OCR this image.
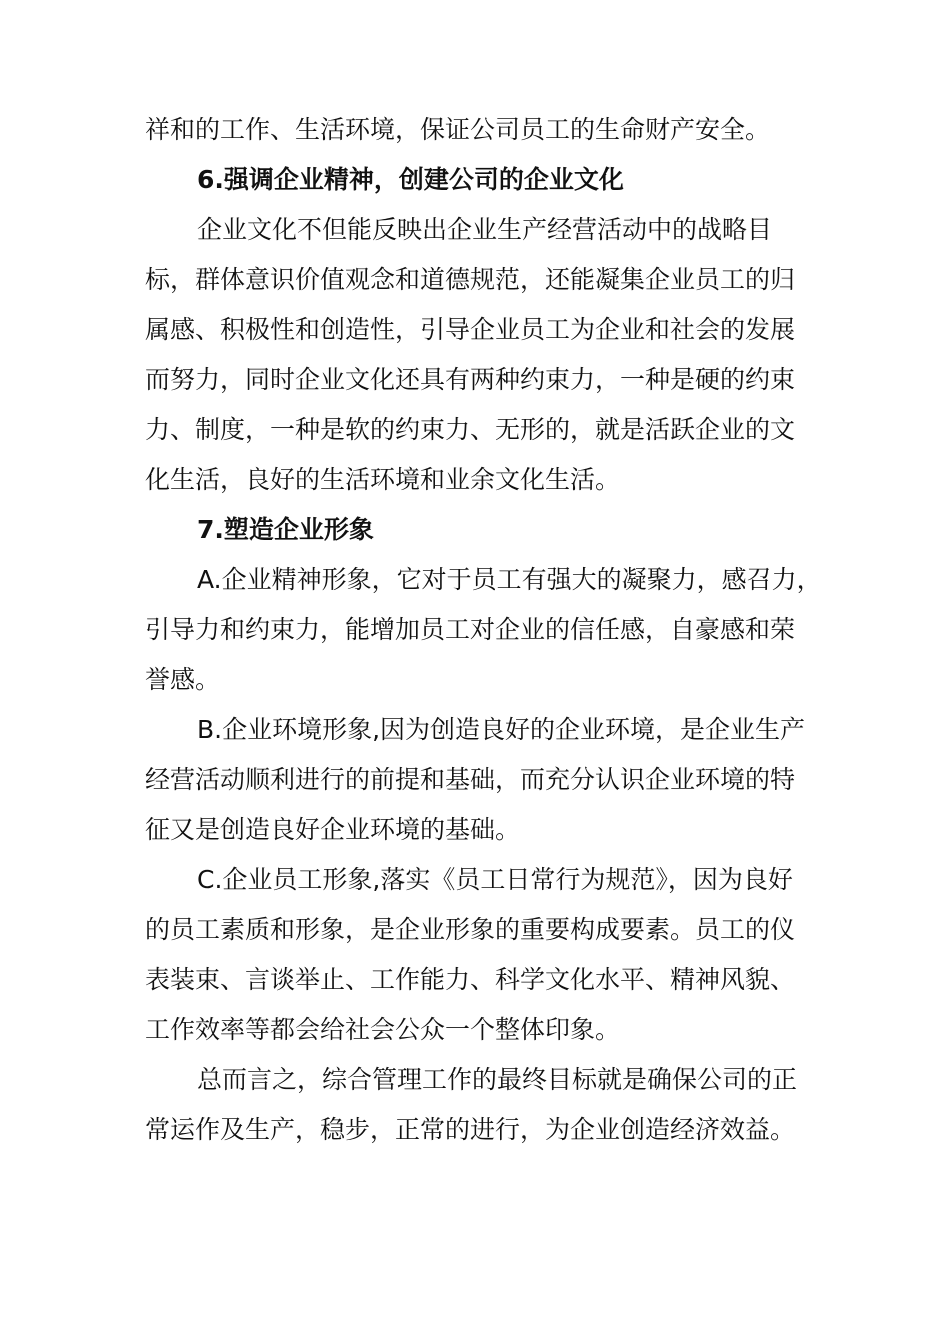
祥和的工作、生活环境，保证公司员工的生命财产安全。
6.强调企业精神，创建公司的企业文化
企业文化不但能反映出企业生产经营活动中的战略目
标，群体意识价值观念和道德规范，还能凝集企业员工的归
属感、积极性和创造性，引导企业员工为企业和社会的发展
而努力，同时企业文化还具有两种约束力，一种是硬的约束
力、制度，一种是软的约束力、无形的，就是活跃企业的文
化生活，良好的生活环境和业余文化生活。
7.塑造企业形象
A.企业精神形象，它对于员工有强大的凝聚力，感召力，
引导力和约束力，能增加员工对企业的信任感，自豪感和荣
誉感。
B.企业环境形象,因为创造良好的企业环境，是企业生产
经营活动顺利进行的前提和基础，而充分认识企业环境的特
征又是创造良好企业环境的基础。
C.企业员工形象,落实《员工日常行为规范》，因为良好
的员工素质和形象，是企业形象的重要构成要素。员工的仪
表装束、言谈举止、工作能力、科学文化水平、精神风貌、
工作效率等都会给社会公众一个整体印象。
总而言之，综合管理工作的最终目标就是确保公司的正
常运作及生产，稳步，正常的进行，为企业创造经济效益。
